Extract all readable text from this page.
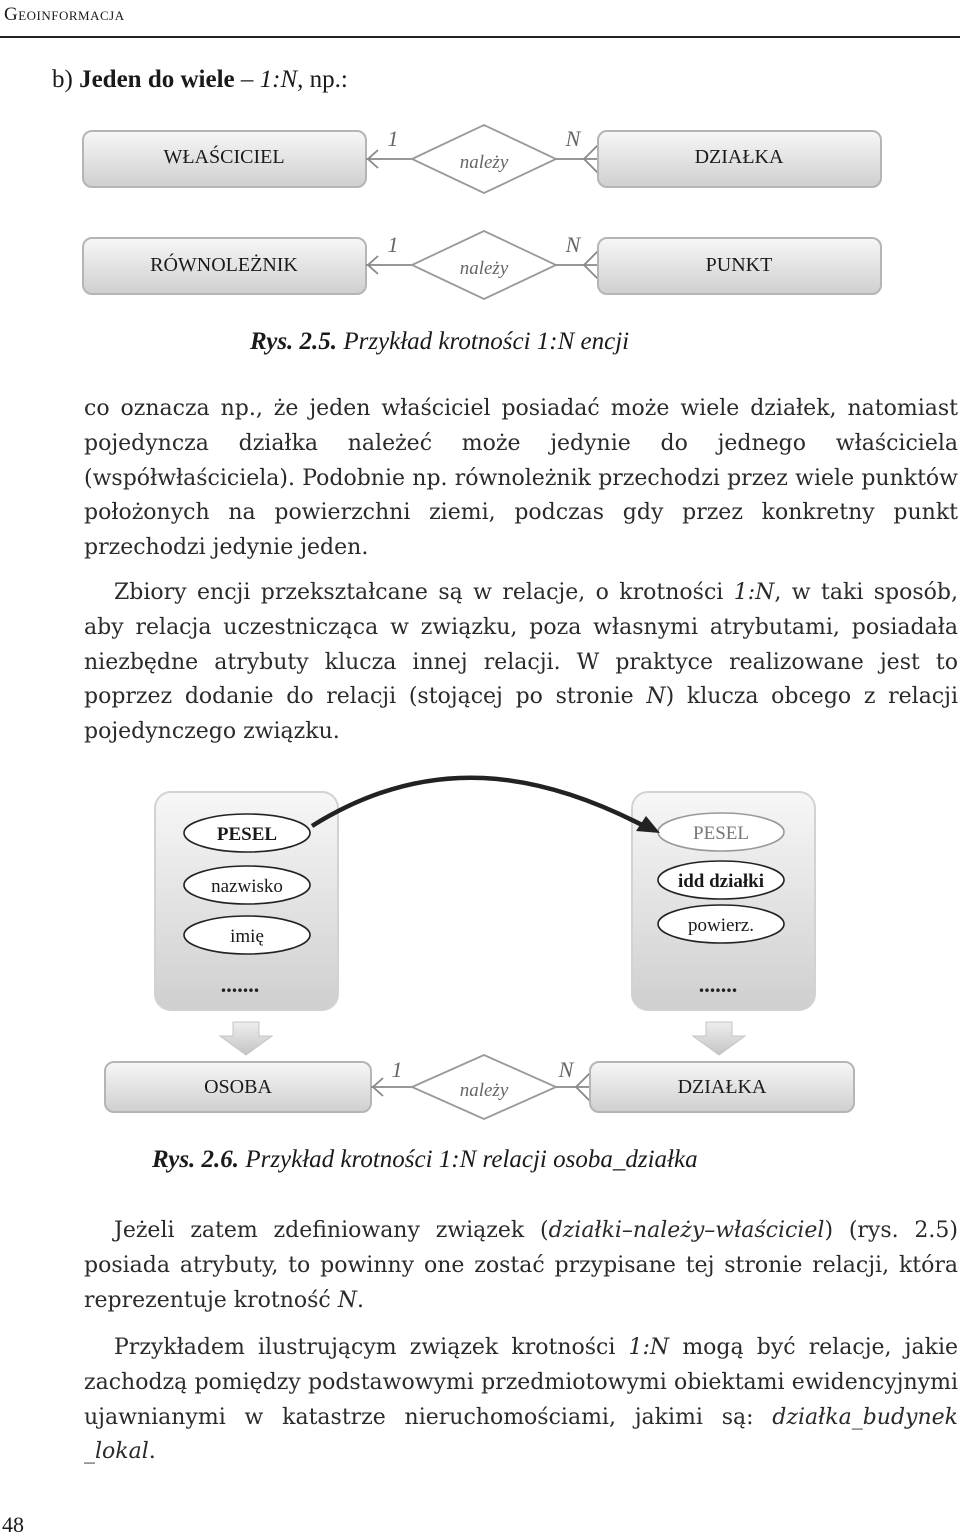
Geoinformacja
b) Jeden do wiele – 1:N, np.:
WŁAŚCICIEL	należy
1	N
DZIAŁKA
RÓWNOLEŻNIK	należy
1	N
PUNKT
Rys. 2.5. Przykład krotności 1:N encji
co oznacza np., że jeden właściciel posiadać może wiele działek, natomiast pojedyncza działka należeć może jedynie do jednego właściciela (współwłaściciela). Podobnie np. równoleżnik przechodzi przez wiele punktów położonych na powierzchni ziemi, podczas gdy przez konkretny punkt przechodzi jedynie jeden.
Zbiory encji przekształcane są w relacje, o krotności 1:N, w taki sposób, aby relacja uczestnicząca w związku, poza własnymi atrybutami, posiadała niezbędne atrybuty klucza innej relacji. W praktyce realizowane jest to poprzez dodanie do relacji (stojącej po stronie N) klucza obcego z relacji pojedynczego związku.
PESEL
nazwisko
imię
.......
PESEL
idd działki
powierz.
.......
OSOBA	należy
1	N
DZIAŁKA
Rys. 2.6. Przykład krotności 1:N relacji osoba_działka
Jeżeli zatem zdefiniowany związek (działki–należy–właściciel) (rys. 2.5) posiada atrybuty, to powinny one zostać przypisane tej stronie relacji, która reprezentuje krotność N.
Przykładem ilustrującym związek krotności 1:N mogą być relacje, jakie zachodzą pomiędzy podstawowymi przedmiotowymi obiektami ewidencyjnymi ujawnianymi w katastrze nieruchomościami, jakimi są: działka_budynek _lokal.
48
